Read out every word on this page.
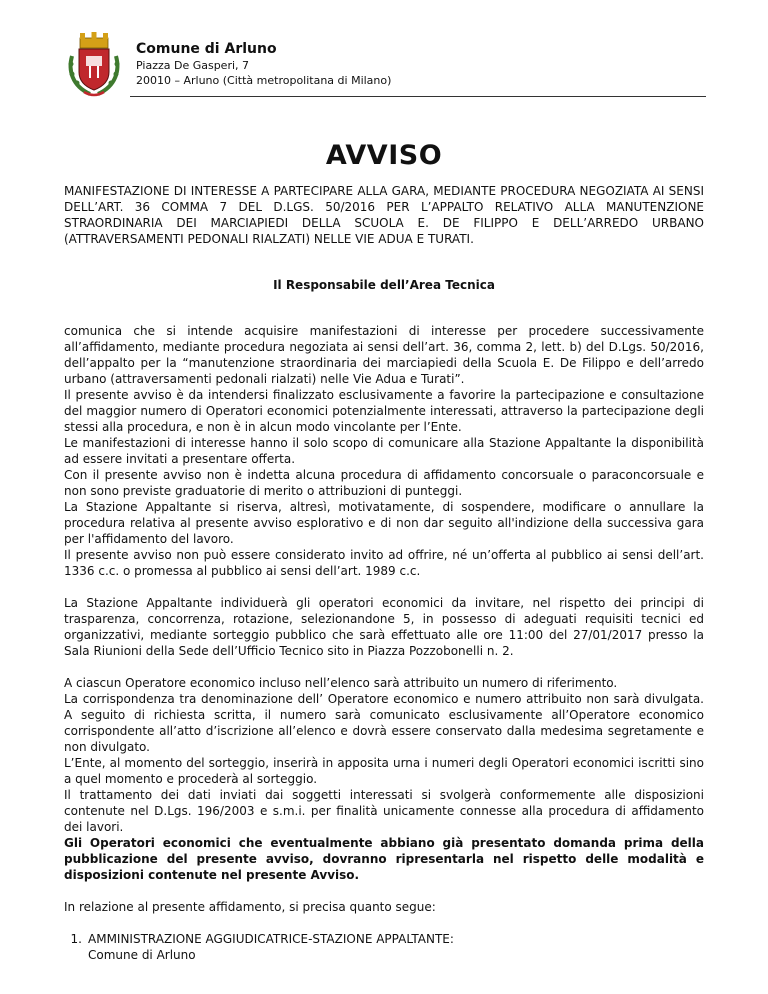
Comune di Arluno
Piazza De Gasperi, 7
20010 – Arluno (Città metropolitana di Milano)
AVVISO

MANIFESTAZIONE DI INTERESSE A PARTECIPARE ALLA GARA, MEDIANTE PROCEDURA NEGOZIATA AI SENSI DELL’ART. 36 COMMA 7 DEL D.LGS. 50/2016 PER L’APPALTO RELATIVO ALLA MANUTENZIONE STRAORDINARIA DEI MARCIAPIEDI DELLA SCUOLA E. DE FILIPPO E DELL’ARREDO URBANO (ATTRAVERSAMENTI PEDONALI RIALZATI) NELLE VIE ADUA E TURATI.

Il Responsabile dell’Area Tecnica

comunica che si intende acquisire manifestazioni di interesse per procedere successivamente all’affidamento, mediante procedura negoziata ai sensi dell’art. 36, comma 2, lett. b) del D.Lgs. 50/2016, dell’appalto per la “manutenzione straordinaria dei marciapiedi della Scuola E. De Filippo e dell’arredo urbano (attraversamenti pedonali rialzati) nelle Vie Adua e Turati”.

Il presente avviso è da intendersi finalizzato esclusivamente a favorire la partecipazione e consultazione del maggior numero di Operatori economici potenzialmente interessati, attraverso la partecipazione degli stessi alla procedura, e non è in alcun modo vincolante per l’Ente.

Le manifestazioni di interesse hanno il solo scopo di comunicare alla Stazione Appaltante la disponibilità ad essere invitati a presentare offerta.

Con il presente avviso non è indetta alcuna procedura di affidamento concorsuale o paraconcorsuale e non sono previste graduatorie di merito o attribuzioni di punteggi.

La Stazione Appaltante si riserva, altresì, motivatamente, di sospendere, modificare o annullare la procedura relativa al presente avviso esplorativo e di non dar seguito all'indizione della successiva gara per l'affidamento del lavoro.

Il presente avviso non può essere considerato invito ad offrire, né un’offerta al pubblico ai sensi dell’art. 1336 c.c. o promessa al pubblico ai sensi dell’art. 1989 c.c.

La Stazione Appaltante individuerà gli operatori economici da invitare, nel rispetto dei principi di trasparenza, concorrenza, rotazione, selezionandone 5, in possesso di adeguati requisiti tecnici ed organizzativi, mediante sorteggio pubblico che sarà effettuato alle ore 11:00 del 27/01/2017 presso la Sala Riunioni della Sede dell’Ufficio Tecnico sito in Piazza Pozzobonelli n. 2.

A ciascun Operatore economico incluso nell’elenco sarà attribuito un numero di riferimento.

La corrispondenza tra denominazione dell’ Operatore economico e numero attribuito non sarà divulgata. A seguito di richiesta scritta, il numero sarà comunicato esclusivamente all’Operatore economico corrispondente all’atto d’iscrizione all’elenco e dovrà essere conservato dalla medesima segretamente e non divulgato.

L’Ente, al momento del sorteggio, inserirà in apposita urna i numeri degli Operatori economici iscritti sino a quel momento e procederà al sorteggio.

Il trattamento dei dati inviati dai soggetti interessati si svolgerà conformemente alle disposizioni contenute nel D.Lgs. 196/2003 e s.m.i. per finalità unicamente connesse alla procedura di affidamento dei lavori.

Gli Operatori economici che eventualmente abbiano già presentato domanda prima della pubblicazione del presente avviso, dovranno ripresentarla nel rispetto delle modalità e disposizioni contenute nel presente Avviso.

In relazione al presente affidamento, si precisa quanto segue:

1. AMMINISTRAZIONE AGGIUDICATRICE-STAZIONE APPALTANTE:
Comune di Arluno
